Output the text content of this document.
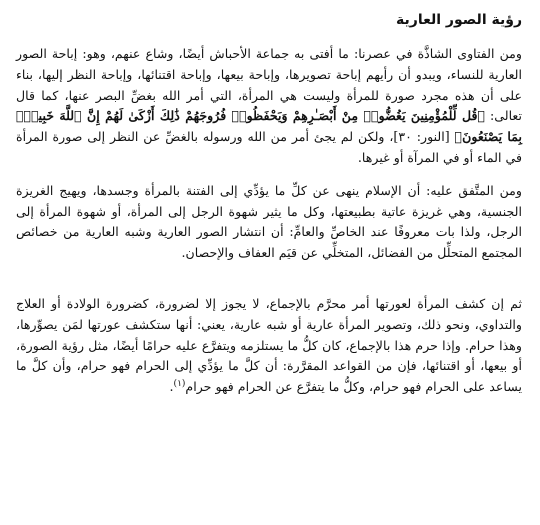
رؤية الصور العارية

ومن الفتاوى الشاذَّة في عصرنا: ما أفتى به جماعة الأحباش أيضًا، وشاع عنهم، وهو: إباحة الصور العارية للنساء، ويبدو أن رأيهم إباحة تصويرها، وإباحة بيعها، وإباحة اقتنائها، وإباحة النظر إليها، بناء على أن هذه مجرد صورة للمرأة وليست هي المرأة، التي أمر الله بغضِّ البصر عنها، كما قال تعالى: ﴿قُل لِّلْمُؤْمِنِينَ يَغُضُّوا۟ مِنْ أَبْصَـٰرِهِمْ وَيَحْفَظُوا۟ فُرُوجَهُمْ ذَٰلِكَ أَزْكَىٰ لَهُمْ إِنَّ ٱللَّهَ خَبِيرٌۢ بِمَا يَصْنَعُونَ﴾ [النور: ٣٠]، ولكن لم يجئ أمر من الله ورسوله بالغضِّ عن النظر إلى صورة المرأة في الماء أو في المرآة أو غيرها.

ومن المتَّفق عليه: أن الإسلام ينهى عن كلِّ ما يؤدِّي إلى الفتنة بالمرأة وجسدها، ويهيج الغريزة الجنسية، وهي غريزة عاتية بطبيعتها، وكل ما يثير شهوة الرجل إلى المرأة، أو شهوة المرأة إلى الرجل، ولذا بات معروفًا عند الخاصِّ والعامِّ: أن انتشار الصور العارية وشبه العارية من خصائص المجتمع المتحلِّل من الفضائل، المتخلِّي عن قيَم العفاف والإحصان.

ثم إن كشف المرأة لعورتها أمر محرَّم بالإجماع، لا يجوز إلا لضرورة، كضرورة الولادة أو العلاج والتداوي، ونحو ذلك، وتصوير المرأة عارية أو شبه عارية، يعني: أنها ستكشف عورتها لمَن يصوِّرها، وهذا حرام. وإذا حرم هذا بالإجماع، كان كلُّ ما يستلزمه ويتفرَّع عليه حرامًا أيضًا، مثل رؤية الصورة، أو بيعها، أو اقتنائها، فإن من القواعد المقرَّرة: أن كلَّ ما يؤدِّي إلى الحرام فهو حرام، وأن كلَّ ما يساعد على الحرام فهو حرام، وكلُّ ما يتفرَّع عن الحرام فهو حرام$^{(١)}$.
